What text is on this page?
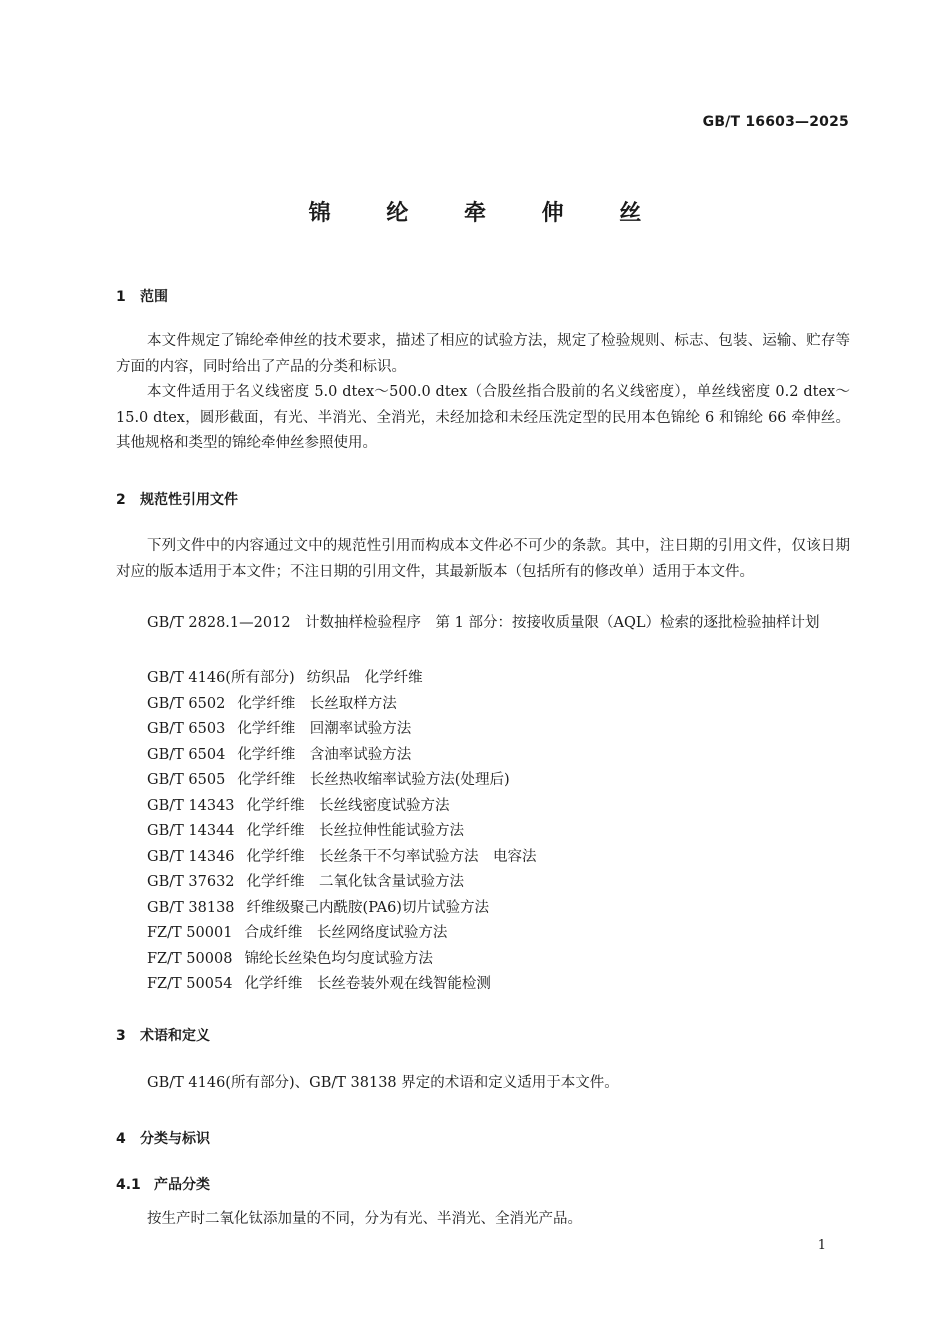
GB/T 16603—2025
锦 纶 牵 伸 丝
1 范围
本文件规定了锦纶牵伸丝的技术要求，描述了相应的试验方法，规定了检验规则、标志、包装、运输、贮存等方面的内容，同时给出了产品的分类和标识。
本文件适用于名义线密度 5.0 dtex～500.0 dtex（合股丝指合股前的名义线密度），单丝线密度 0.2 dtex～15.0 dtex，圆形截面，有光、半消光、全消光，未经加捻和未经压洗定型的民用本色锦纶 6 和锦纶 66 牵伸丝。其他规格和类型的锦纶牵伸丝参照使用。
2 规范性引用文件
下列文件中的内容通过文中的规范性引用而构成本文件必不可少的条款。其中，注日期的引用文件，仅该日期对应的版本适用于本文件；不注日期的引用文件，其最新版本（包括所有的修改单）适用于本文件。
GB/T 2828.1—2012　计数抽样检验程序　第 1 部分：按接收质量限（AQL）检索的逐批检验抽样计划
GB/T 4146(所有部分) 纺织品　化学纤维
GB/T 6502 化学纤维　长丝取样方法
GB/T 6503 化学纤维　回潮率试验方法
GB/T 6504 化学纤维　含油率试验方法
GB/T 6505 化学纤维　长丝热收缩率试验方法(处理后)
GB/T 14343 化学纤维　长丝线密度试验方法
GB/T 14344 化学纤维　长丝拉伸性能试验方法
GB/T 14346 化学纤维　长丝条干不匀率试验方法　电容法
GB/T 37632 化学纤维　二氧化钛含量试验方法
GB/T 38138 纤维级聚己内酰胺(PA6)切片试验方法
FZ/T 50001 合成纤维　长丝网络度试验方法
FZ/T 50008 锦纶长丝染色均匀度试验方法
FZ/T 50054 化学纤维　长丝卷装外观在线智能检测
3 术语和定义
GB/T 4146(所有部分)、GB/T 38138 界定的术语和定义适用于本文件。
4 分类与标识
4.1 产品分类
按生产时二氧化钛添加量的不同，分为有光、半消光、全消光产品。
1
